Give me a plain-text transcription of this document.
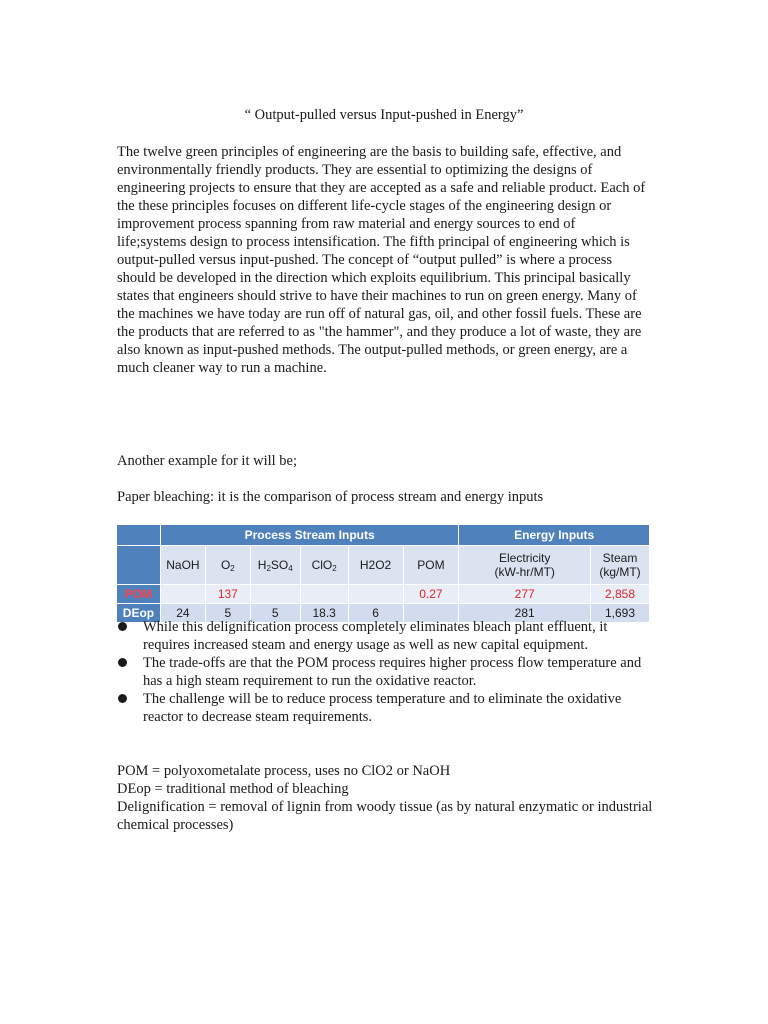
“ Output-pulled versus Input-pushed in Energy”

The twelve green principles of engineering are the basis to building safe, effective, and environmentally friendly products. They are essential to optimizing the designs of engineering projects to ensure that they are accepted as a safe and reliable product. Each of the these principles focuses on different life-cycle stages of the engineering design or improvement process spanning from raw material and energy sources to end of life;systems design to process intensification. The fifth principal of engineering which is output-pulled versus input-pushed. The concept of “output pulled” is where a process should be developed in the direction which exploits equilibrium. This principal basically states that engineers should strive to have their machines to run on green energy. Many of the machines we have today are run off of natural gas, oil, and other fossil fuels. These are the products that are referred to as "the hammer", and they produce a lot of waste, they are also known as input-pushed methods. The output-pulled methods, or green energy, are a much cleaner way to run a machine.

Another example for it will be;

Paper bleaching: it is the comparison of process stream and energy inputs

	Process Stream Inputs						Energy Inputs	
	NaOH	$O_2$	$H_2SO_4$	ClO$_2$	H2O2	POM	Electricity
(kW-hr/MT)	Steam
(kg/MT)
POM		137				0.27	277	2,858
DEop	24	5	5	18.3	6		281	1,693
While this delignification process completely eliminates bleach plant effluent, it requires increased steam and energy usage as well as new capital equipment.
The trade-offs are that the POM process requires higher process flow temperature and has a high steam requirement to run the oxidative reactor.
The challenge will be to reduce process temperature and to eliminate the oxidative reactor to decrease steam requirements.
POM = polyoxometalate process, uses no ClO2 or NaOH
DEop = traditional method of bleaching
Delignification = removal of lignin from woody tissue (as by natural enzymatic or industrial chemical processes)
